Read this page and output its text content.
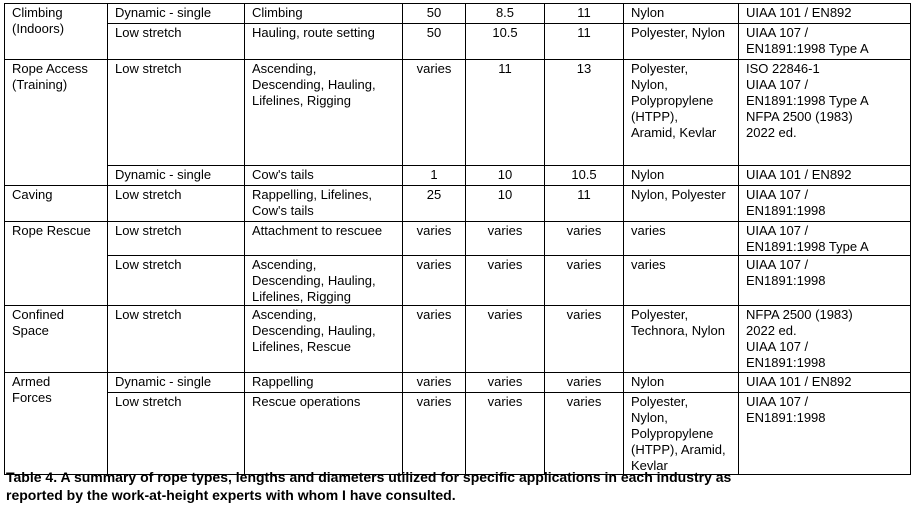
Climbing
(Indoors)	Dynamic - single	Climbing	50	8.5	11	Nylon	UIAA 101 / EN892

	Low stretch	Hauling, route setting	50	10.5	11	Polyester, Nylon	UIAA 107 /
EN1891:1998 Type A

Rope Access
(Training)	Low stretch	Ascending,
Descending, Hauling,
Lifelines, Rigging	varies	11	13	Polyester,
Nylon,
Polypropylene
(HTPP),
Aramid, Kevlar	ISO 22846-1
UIAA 107 /
EN1891:1998 Type A
NFPA 2500 (1983)
2022 ed.

	Dynamic - single	Cow's tails	1	10	10.5	Nylon	UIAA 101 / EN892

Caving	Low stretch	Rappelling, Lifelines,
Cow's tails	25	10	11	Nylon, Polyester	UIAA 107 /
EN1891:1998

Rope Rescue	Low stretch	Attachment to rescuee	varies	varies	varies	varies	UIAA 107 /
EN1891:1998 Type A

	Low stretch	Ascending,
Descending, Hauling,
Lifelines, Rigging	varies	varies	varies	varies	UIAA 107 /
EN1891:1998

Confined
Space	Low stretch	Ascending,
Descending, Hauling,
Lifelines, Rescue	varies	varies	varies	Polyester,
Technora, Nylon	NFPA 2500 (1983)
2022 ed.
UIAA 107 /
EN1891:1998

Armed
Forces	Dynamic - single	Rappelling	varies	varies	varies	Nylon	UIAA 101 / EN892

	Low stretch	Rescue operations	varies	varies	varies	Polyester,
Nylon,
Polypropylene
(HTPP), Aramid,
Kevlar	UIAA 107 /
EN1891:1998
Table 4. A summary of rope types, lengths and diameters utilized for specific applications in each industry as
reported by the work-at-height experts with whom I have consulted.
